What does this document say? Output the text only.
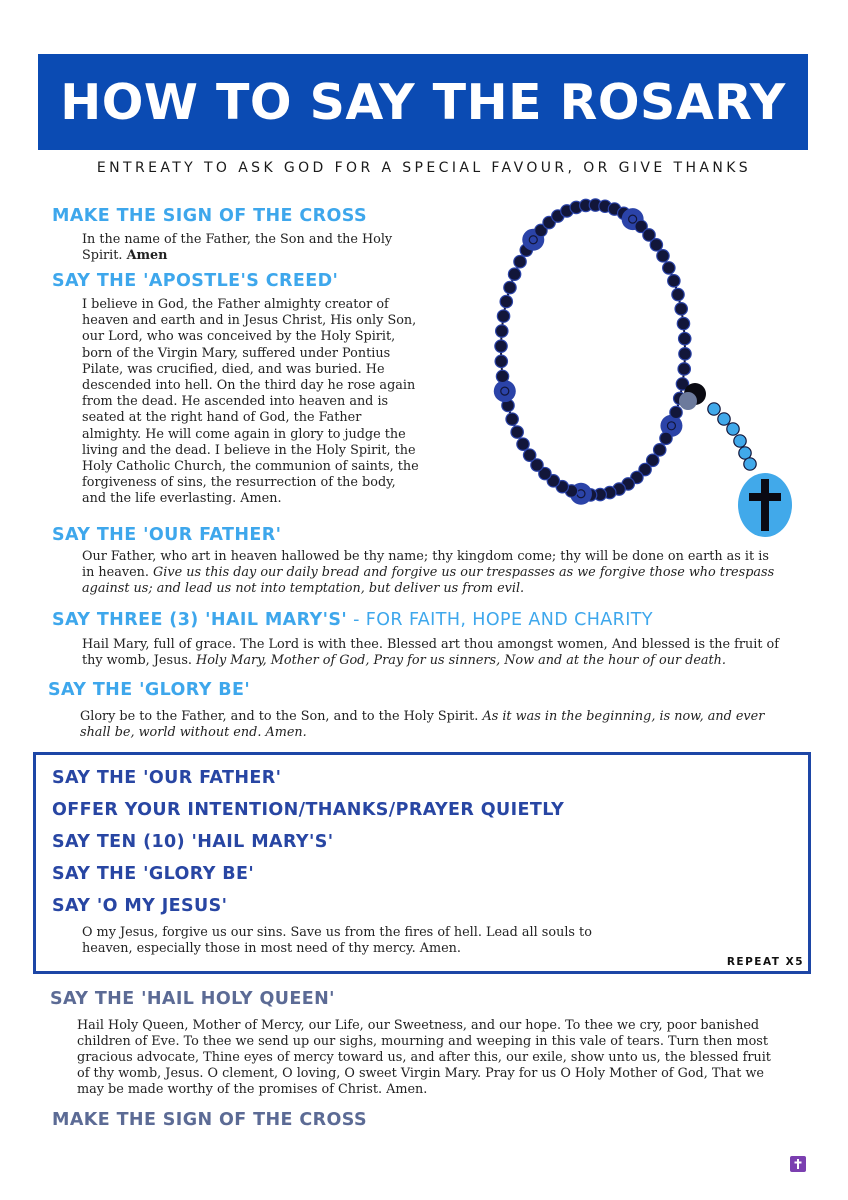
HOW TO SAY THE ROSARY
ENTREATY TO ASK GOD FOR A SPECIAL FAVOUR, OR GIVE THANKS
MAKE THE SIGN OF THE CROSS
In the name of the Father, the Son and the Holy Spirit. Amen
SAY THE 'APOSTLE'S CREED'
I believe in God, the Father almighty creator of
heaven and earth and in Jesus Christ, His only Son,
our Lord, who was conceived by the Holy Spirit,
born of the Virgin Mary, suffered under Pontius
Pilate, was crucified, died, and was buried. He
descended into hell. On the third day he rose again
from the dead. He ascended into heaven and is
seated at the right hand of God, the Father
almighty. He will come again in glory to judge the
living and the dead. I believe in the Holy Spirit, the
Holy Catholic Church, the communion of saints, the
forgiveness of sins, the resurrection of the body,
and the life everlasting. Amen.
SAY THE 'OUR FATHER'
Our Father, who art in heaven hallowed be thy name; thy kingdom come; thy will be done on earth as it is in heaven. Give us this day our daily bread and forgive us our trespasses as we forgive those who trespass against us; and lead us not into temptation, but deliver us from evil.
SAY THREE (3) 'HAIL MARY'S' - FOR FAITH, HOPE AND CHARITY
Hail Mary, full of grace. The Lord is with thee. Blessed art thou amongst women, And blessed is the fruit of thy womb, Jesus. Holy Mary, Mother of God, Pray for us sinners, Now and at the hour of our death.
SAY THE 'GLORY BE'
Glory be to the Father, and to the Son, and to the Holy Spirit. As it was in the beginning, is now, and ever shall be, world without end. Amen.
SAY THE 'OUR FATHER'
OFFER YOUR INTENTION/THANKS/PRAYER QUIETLY
SAY TEN (10) 'HAIL MARY'S'
SAY THE 'GLORY BE'
SAY 'O MY JESUS'
O my Jesus, forgive us our sins. Save us from the fires of hell. Lead all souls to heaven, especially those in most need of thy mercy. Amen.
REPEAT X5
SAY THE 'HAIL HOLY QUEEN'
Hail Holy Queen, Mother of Mercy, our Life, our Sweetness, and our hope. To thee we cry, poor banished children of Eve. To thee we send up our sighs, mourning and weeping in this vale of tears. Turn then most gracious advocate, Thine eyes of mercy toward us, and after this, our exile, show unto us, the blessed fruit of thy womb, Jesus. O clement, O loving, O sweet Virgin Mary. Pray for us O Holy Mother of God, That we may be made worthy of the promises of Christ. Amen.
MAKE THE SIGN OF THE CROSS
